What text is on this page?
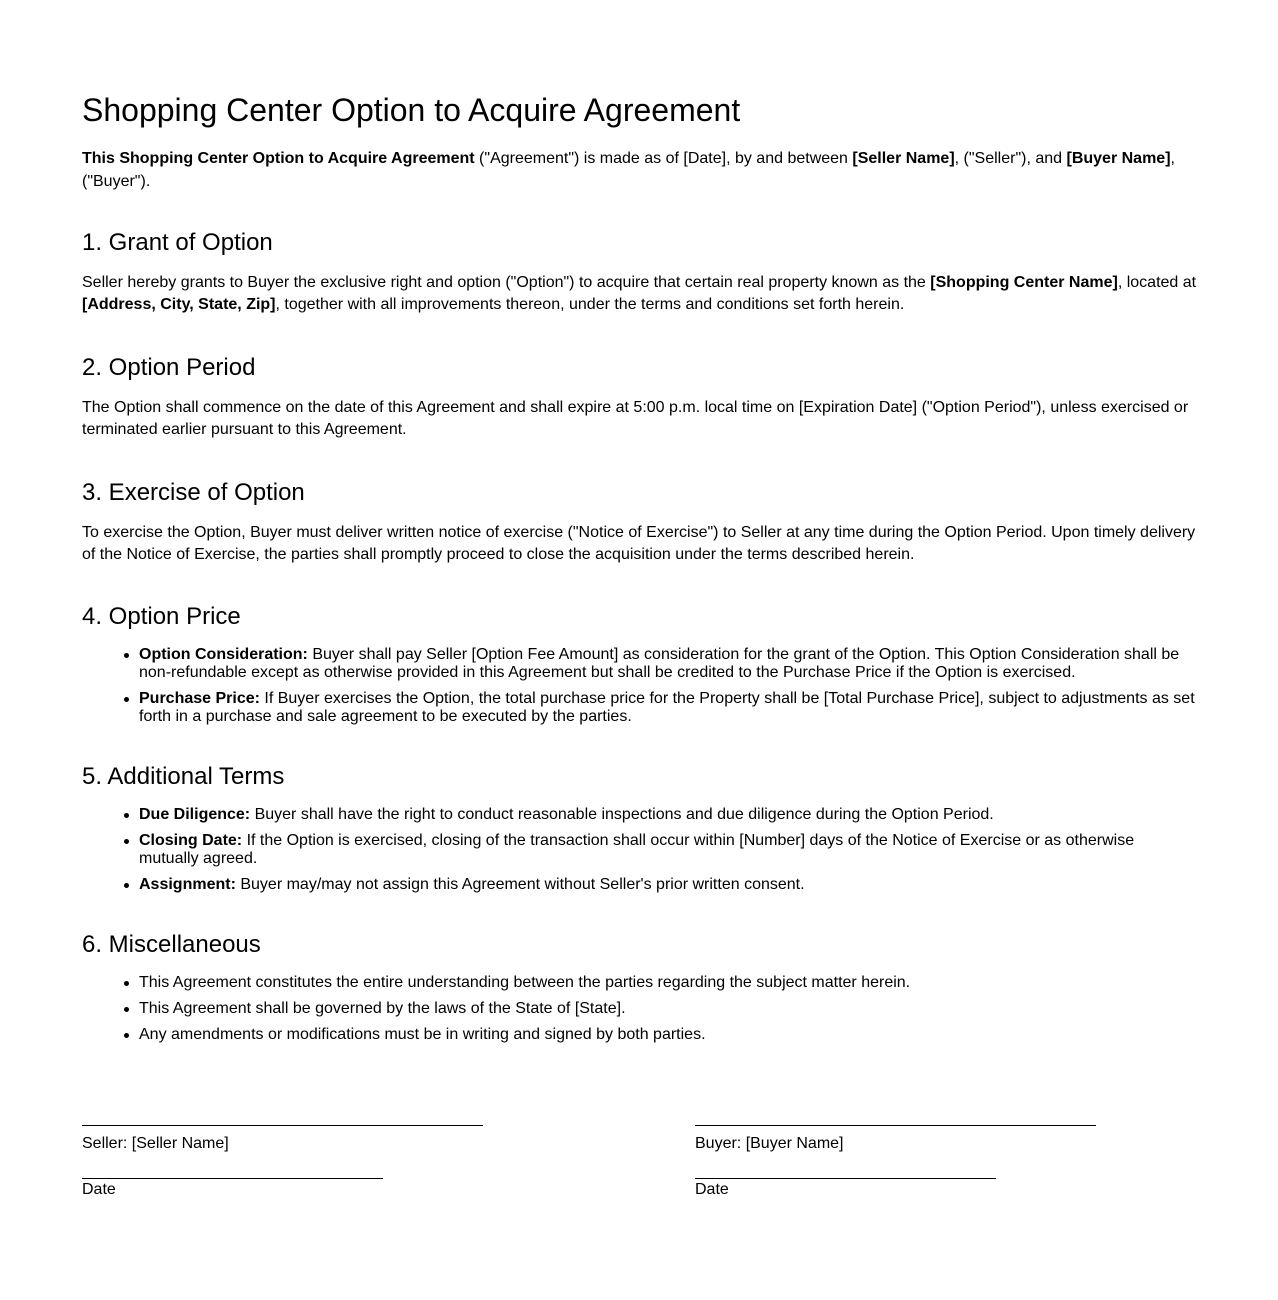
Shopping Center Option to Acquire Agreement

This Shopping Center Option to Acquire Agreement ("Agreement") is made as of [Date], by and between [Seller Name], ("Seller"), and [Buyer Name], ("Buyer").

1. Grant of Option

Seller hereby grants to Buyer the exclusive right and option ("Option") to acquire that certain real property known as the [Shopping Center Name], located at [Address, City, State, Zip], together with all improvements thereon, under the terms and conditions set forth herein.

2. Option Period

The Option shall commence on the date of this Agreement and shall expire at 5:00 p.m. local time on [Expiration Date] ("Option Period"), unless exercised or terminated earlier pursuant to this Agreement.

3. Exercise of Option

To exercise the Option, Buyer must deliver written notice of exercise ("Notice of Exercise") to Seller at any time during the Option Period. Upon timely delivery of the Notice of Exercise, the parties shall promptly proceed to close the acquisition under the terms described herein.

4. Option Price
Option Consideration: Buyer shall pay Seller [Option Fee Amount] as consideration for the grant of the Option. This Option Consideration shall be non-refundable except as otherwise provided in this Agreement but shall be credited to the Purchase Price if the Option is exercised.
Purchase Price: If Buyer exercises the Option, the total purchase price for the Property shall be [Total Purchase Price], subject to adjustments as set forth in a purchase and sale agreement to be executed by the parties.
5. Additional Terms
Due Diligence: Buyer shall have the right to conduct reasonable inspections and due diligence during the Option Period.
Closing Date: If the Option is exercised, closing of the transaction shall occur within [Number] days of the Notice of Exercise or as otherwise mutually agreed.
Assignment: Buyer may/may not assign this Agreement without Seller's prior written consent.
6. Miscellaneous
This Agreement constitutes the entire understanding between the parties regarding the subject matter herein.
This Agreement shall be governed by the laws of the State of [State].
Any amendments or modifications must be in writing and signed by both parties.
Seller: [Seller Name]
Date
Buyer: [Buyer Name]
Date
